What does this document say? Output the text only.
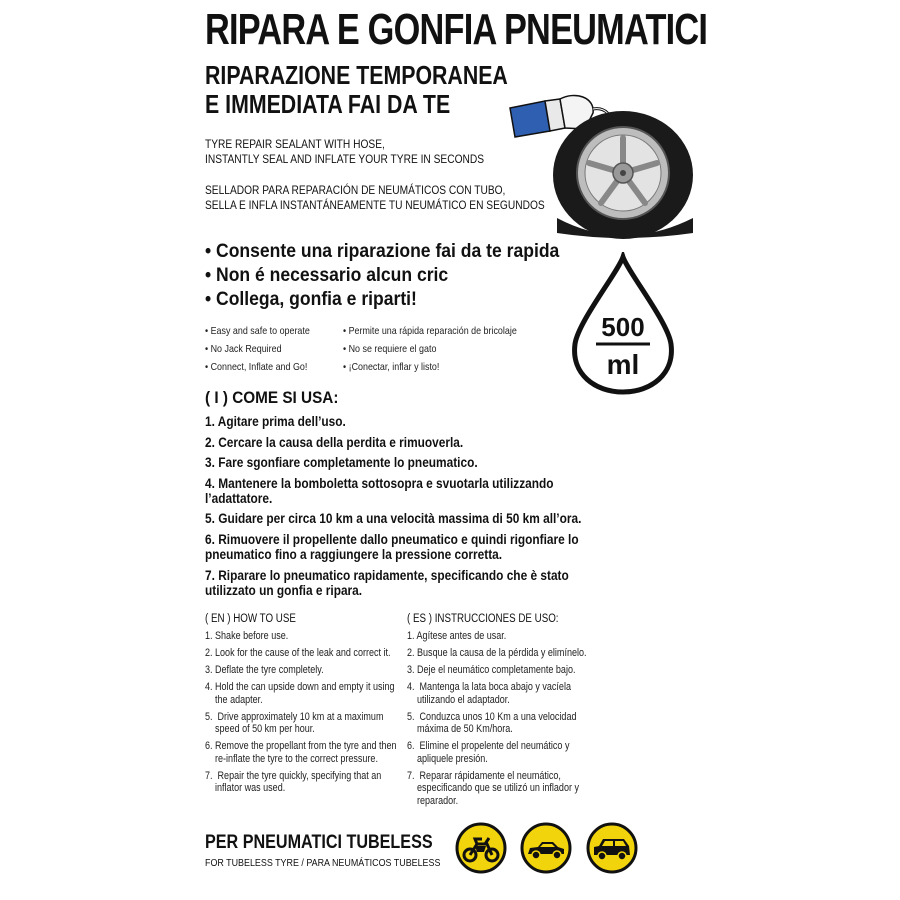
RIPARA E GONFIA PNEUMATICI
RIPARAZIONE TEMPORANEA
E IMMEDIATA FAI DA TE
TYRE REPAIR SEALANT WITH HOSE,
INSTANTLY SEAL AND INFLATE YOUR TYRE IN SECONDS
SELLADOR PARA REPARACIÓN DE NEUMÁTICOS CON TUBO,
SELLA E INFLA INSTANTÁNEAMENTE TU NEUMÁTICO EN SEGUNDOS
• Consente una riparazione fai da te rapida
• Non é necessario alcun cric
• Collega, gonfia e riparti!
• Easy and safe to operate
• No Jack Required
• Connect, Inflate and Go!
• Permite una rápida reparación de bricolaje
• No se requiere el gato
• ¡Conectar, inflar y listo!
500
ml
( I ) COME SI USA:
1. Agitare prima dell’uso.
2. Cercare la causa della perdita e rimuoverla.
3. Fare sgonfiare completamente lo pneumatico.
4. Mantenere la bomboletta sottosopra e svuotarla utilizzando
l’adattatore.
5. Guidare per circa 10 km a una velocità massima di 50 km all’ora.
6. Rimuovere il propellente dallo pneumatico e quindi rigonfiare lo
pneumatico fino a raggiungere la pressione corretta.
7. Riparare lo pneumatico rapidamente, specificando che è stato
utilizzato un gonfia e ripara.
( EN ) HOW TO USE
1. Shake before use.
2. Look for the cause of the leak and correct it.
3. Deflate the tyre completely.
4. Hold the can upside down and empty it using
the adapter.
5.  Drive approximately 10 km at a maximum
speed of 50 km per hour.
6. Remove the propellant from the tyre and then
re-inflate the tyre to the correct pressure.
7.  Repair the tyre quickly, specifying that an
inflator was used.
( ES ) INSTRUCCIONES DE USO:
1. Agítese antes de usar.
2. Busque la causa de la pérdida y elimínelo.
3. Deje el neumático completamente bajo.
4.  Mantenga la lata boca abajo y vacíela
utilizando el adaptador.
5.  Conduzca unos 10 Km a una velocidad
máxima de 50 Km/hora.
6.  Elimine el propelente del neumático y
apliquele presión.
7.  Reparar rápidamente el neumático,
especificando que se utilizó un inflador y
reparador.
PER PNEUMATICI TUBELESS
FOR TUBELESS TYRE / PARA NEUMÁTICOS TUBELESS
